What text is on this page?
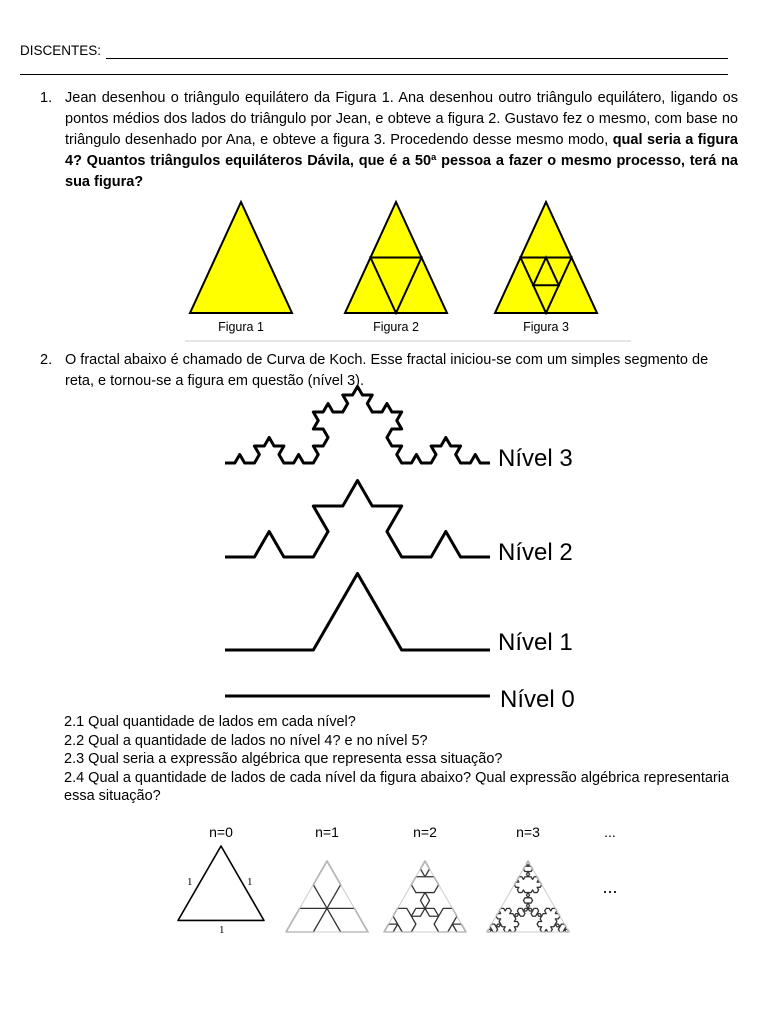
DISCENTES:
1. Jean desenhou o triângulo equilátero da Figura 1. Ana desenhou outro triângulo equilátero, ligando os pontos médios dos lados do triângulo por Jean, e obteve a figura 2. Gustavo fez o mesmo, com base no triângulo desenhado por Ana, e obteve a figura 3. Procedendo desse mesmo modo, qual seria a figura 4? Quantos triângulos equiláteros Dávila, que é a 50ª pessoa a fazer o mesmo processo, terá na sua figura?
Figura 1	Figura 2	Figura 3
2. O fractal abaixo é chamado de Curva de Koch. Esse fractal iniciou-se com um simples segmento de reta, e tornou-se a figura em questão (nível 3).
Nível 3
Nível 2
Nível 1
Nível 0
2.1 Qual quantidade de lados em cada nível?
2.2 Qual a quantidade de lados no nível 4? e no nível 5?
2.3 Qual seria a expressão algébrica que representa essa situação?
2.4 Qual a quantidade de lados de cada nível da figura abaixo? Qual expressão algébrica representaria essa situação?
n=0	n=1	n=2	n=3	...
1	1
1
...
